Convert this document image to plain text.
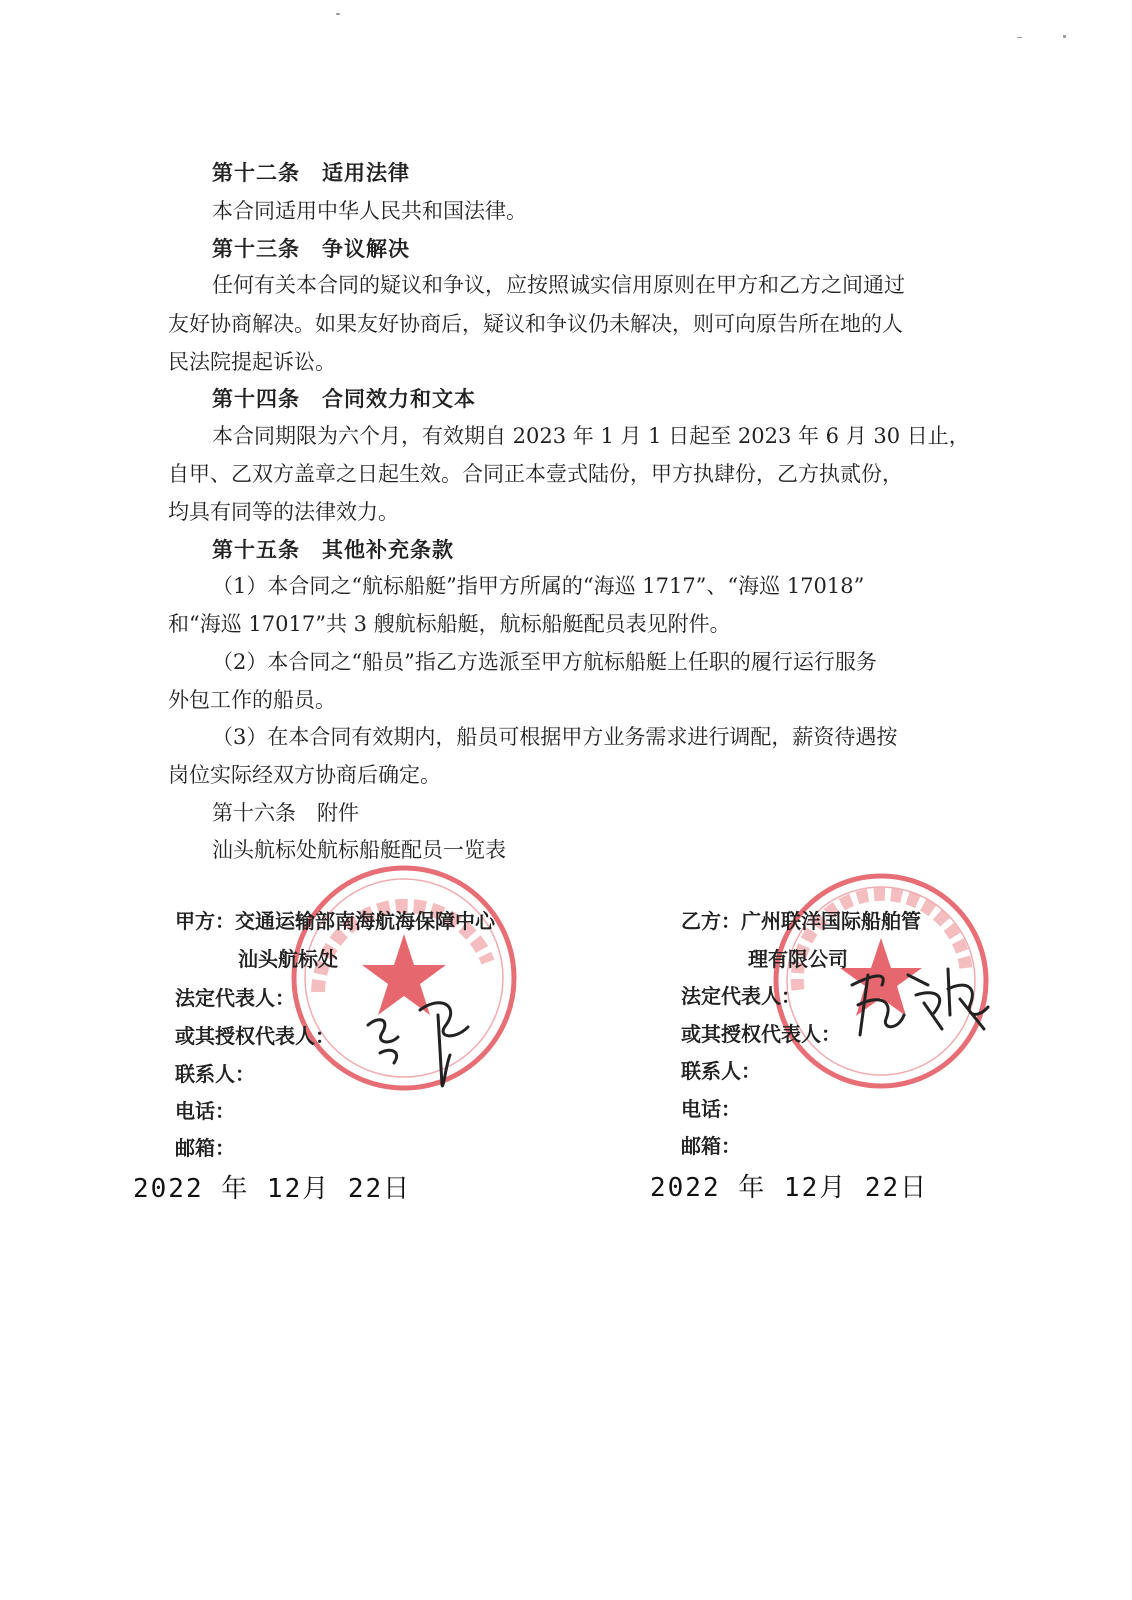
第十二条　适用法律
本合同适用中华人民共和国法律。
第十三条　争议解决
任何有关本合同的疑议和争议，应按照诚实信用原则在甲方和乙方之间通过
友好协商解决。如果友好协商后，疑议和争议仍未解决，则可向原告所在地的人
民法院提起诉讼。
第十四条　合同效力和文本
本合同期限为六个月，有效期自 2023 年 1 月 1 日起至 2023 年 6 月 30 日止，
自甲、乙双方盖章之日起生效。合同正本壹式陆份，甲方执肆份，乙方执贰份，
均具有同等的法律效力。
第十五条　其他补充条款
（1）本合同之“航标船艇”指甲方所属的“海巡 1717”、“海巡 17018”
和“海巡 17017”共 3 艘航标船艇，航标船艇配员表见附件。
（2）本合同之“船员”指乙方选派至甲方航标船艇上任职的履行运行服务
外包工作的船员。
（3）在本合同有效期内，船员可根据甲方业务需求进行调配，薪资待遇按
岗位实际经双方协商后确定。
第十六条　附件
汕头航标处航标船艇配员一览表
甲方：交通运输部南海航海保障中心
汕头航标处
法定代表人：
或其授权代表人：
联系人：
电话：
邮箱：
2022 年 12月 22日
乙方：广州联洋国际船舶管
理有限公司
法定代表人：
或其授权代表人：
联系人：
电话：
邮箱：
2022 年 12月 22日
